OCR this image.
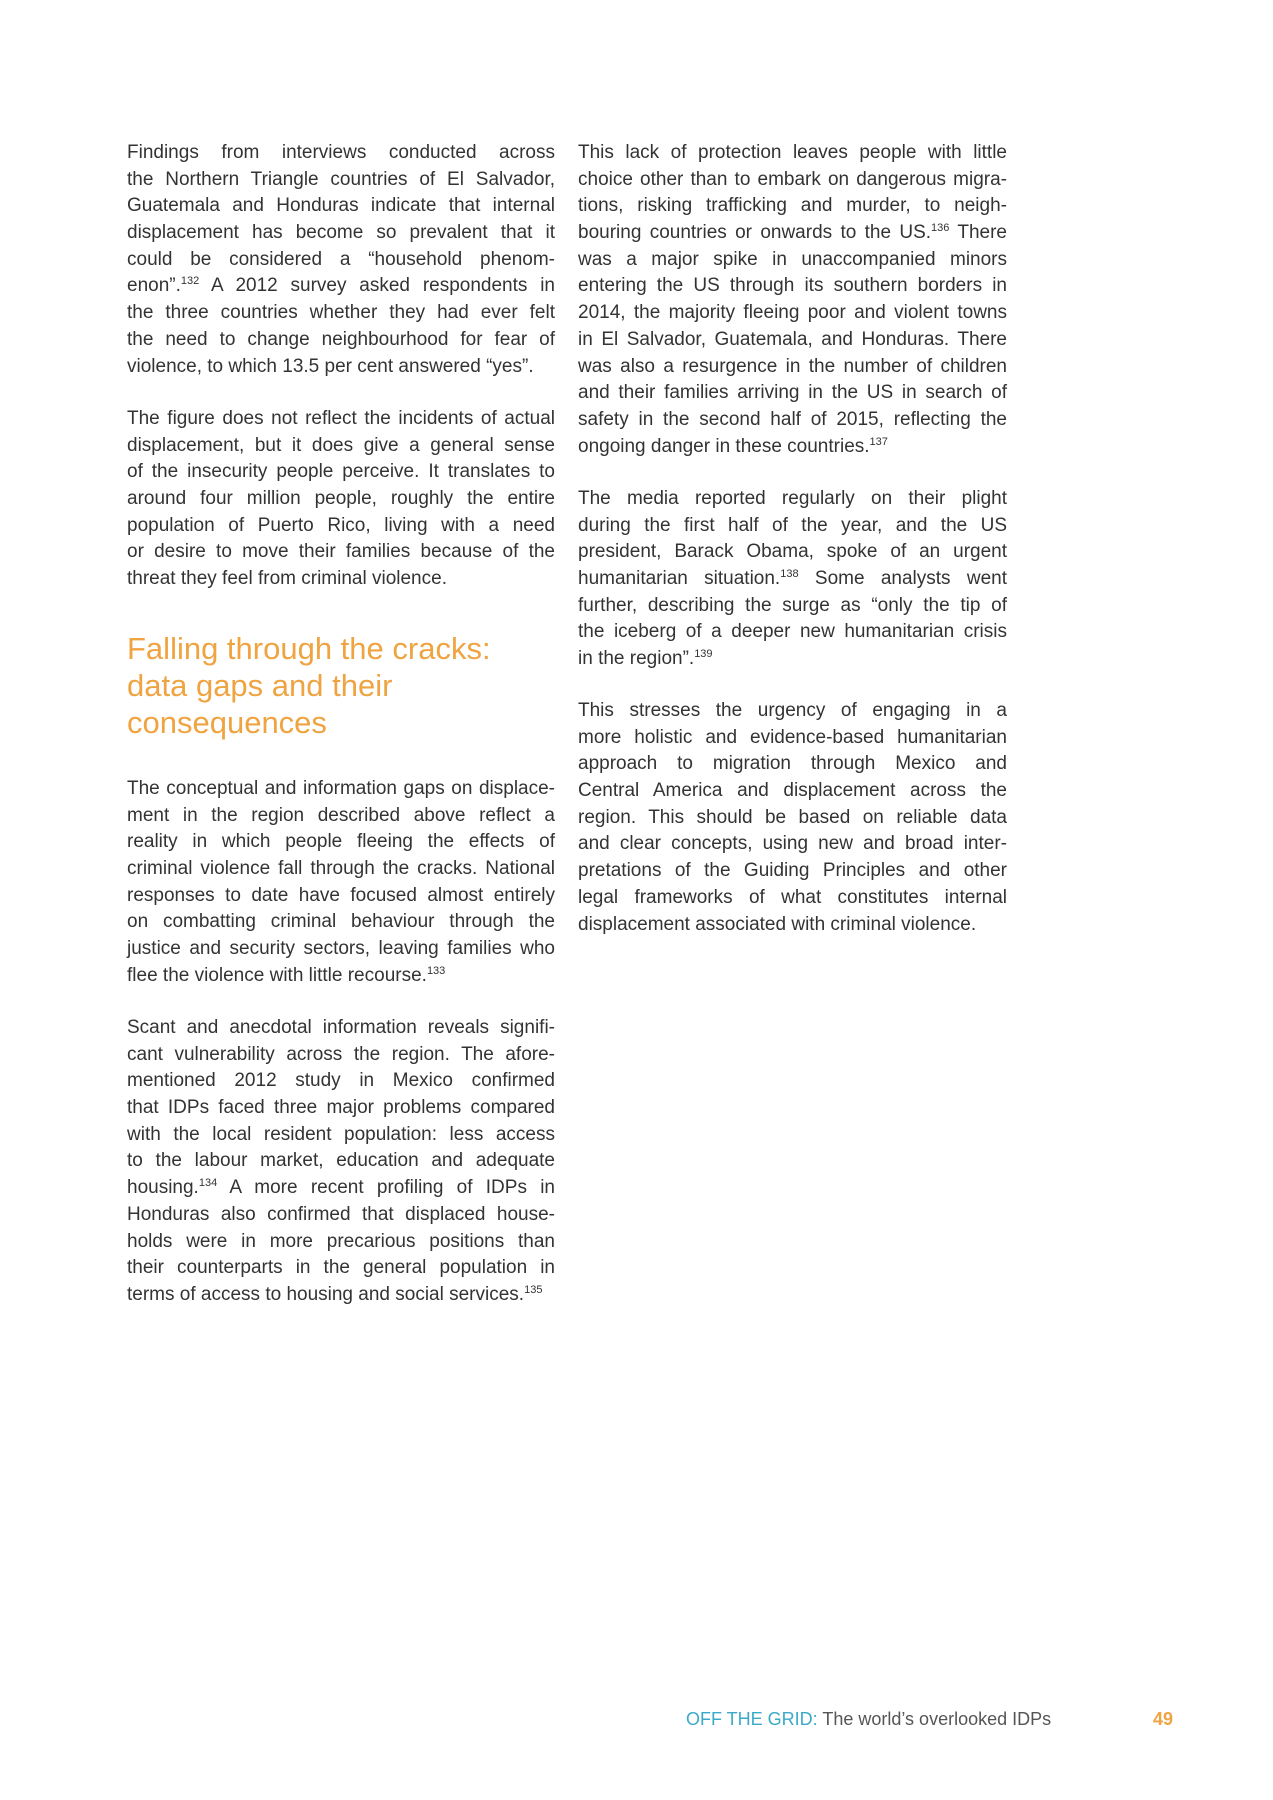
Findings from interviews conducted across
the Northern Triangle countries of El Salvador,
Guatemala and Honduras indicate that internal
displacement has become so prevalent that it
could be considered a “household phenom-
enon”.$^{132}$ A 2012 survey asked respondents in
the three countries whether they had ever felt
the need to change neighbourhood for fear of
violence, to which 13.5 per cent answered “yes”.
The figure does not reflect the incidents of actual
displacement, but it does give a general sense
of the insecurity people perceive. It translates to
around four million people, roughly the entire
population of Puerto Rico, living with a need
or desire to move their families because of the
threat they feel from criminal violence.
Falling through the cracks:
data gaps and their
consequences
The conceptual and information gaps on displace-
ment in the region described above reflect a
reality in which people fleeing the effects of
criminal violence fall through the cracks. National
responses to date have focused almost entirely
on combatting criminal behaviour through the
justice and security sectors, leaving families who
flee the violence with little recourse.$^{133}$
Scant and anecdotal information reveals signifi-
cant vulnerability across the region. The afore-
mentioned 2012 study in Mexico confirmed
that IDPs faced three major problems compared
with the local resident population: less access
to the labour market, education and adequate
housing.$^{134}$ A more recent profiling of IDPs in
Honduras also confirmed that displaced house-
holds were in more precarious positions than
their counterparts in the general population in
terms of access to housing and social services.$^{135}$
This lack of protection leaves people with little
choice other than to embark on dangerous migra-
tions, risking trafficking and murder, to neigh-
bouring countries or onwards to the US.$^{136}$ There
was a major spike in unaccompanied minors
entering the US through its southern borders in
2014, the majority fleeing poor and violent towns
in El Salvador, Guatemala, and Honduras. There
was also a resurgence in the number of children
and their families arriving in the US in search of
safety in the second half of 2015, reflecting the
ongoing danger in these countries.$^{137}$
The media reported regularly on their plight
during the first half of the year, and the US
president, Barack Obama, spoke of an urgent
humanitarian situation.$^{138}$ Some analysts went
further, describing the surge as “only the tip of
the iceberg of a deeper new humanitarian crisis
in the region”.$^{139}$
This stresses the urgency of engaging in a
more holistic and evidence-based humanitarian
approach to migration through Mexico and
Central America and displacement across the
region. This should be based on reliable data
and clear concepts, using new and broad inter-
pretations of the Guiding Principles and other
legal frameworks of what constitutes internal
displacement associated with criminal violence.
OFF THE GRID: The world’s overlooked IDPs	49
